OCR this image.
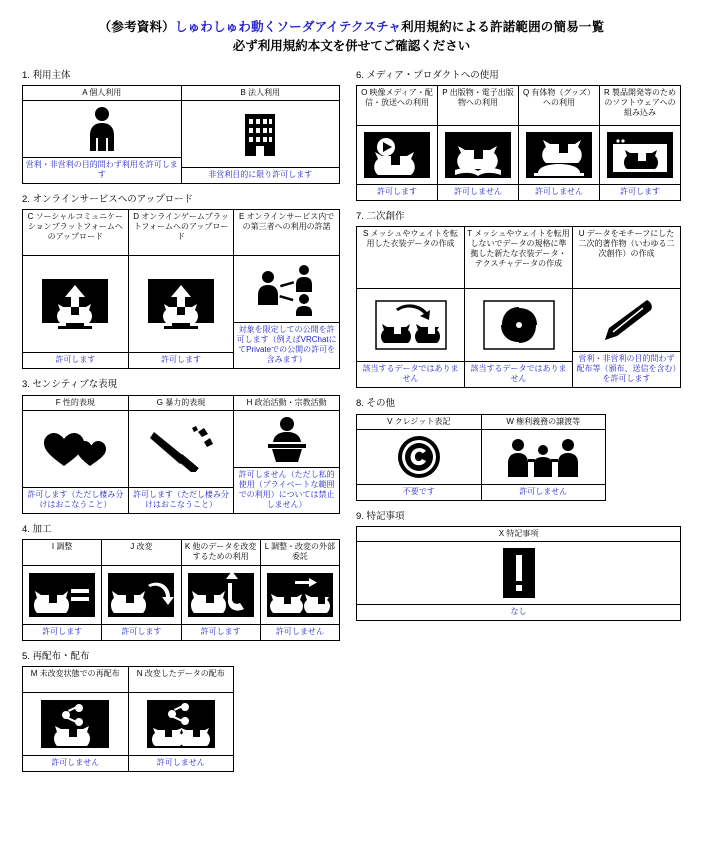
（参考資料）しゅわしゅわ動くソーダアイテクスチャ利用規約による許諾範囲の簡易一覧
必ず利用規約本文を併せてご確認ください
1. 利用主体
A 個人利用
営利・非営利の目的問わず利用を許可します
B 法人利用
非営利目的に限り許可します
2. オンラインサービスへのアップロード
C ソーシャルコミュニケーションプラットフォームへのアップロード
許可します
D オンラインゲームプラットフォームへのアップロード
許可します
E オンラインサービス内での第三者への利用の許諾
対象を限定しての公開を許可します（例えばVRChatにてPrivateでの公開の許可を含みます）
3. センシティブな表現
F 性的表現
許可します（ただし棲み分けはおこなうこと）
G 暴力的表現
許可します（ただし棲み分けはおこなうこと）
H 政治活動・宗教活動
許可しません（ただし私的使用（プライベートな範囲での利用）については禁止しません）
4. 加工
I 調整
許可します
J 改変
許可します
K 他のデータを改変するための利用
許可します
L 調整・改変の外部委託
許可しません
5. 再配布・配布
M 未改変状態での再配布
許可しません
N 改変したデータの配布
許可しません
6. メディア・プロダクトへの使用
O 映像メディア・配信・放送への利用
許可します
P 出版物・電子出版物への利用
許可しません
Q 有体物（グッズ）への利用
許可しません
R 製品開発等のためのソフトウェアへの組み込み
許可します
7. 二次創作
S メッシュやウェイトを転用した衣装データの作成
該当するデータではありません
T メッシュやウェイトを転用しないでデータの規格に準拠した新たな衣装データ・テクスチャデータの作成
該当するデータではありません
U データをモチーフにした二次的著作物（いわゆる二次創作）の作成
営利・非営利の目的問わず配布等（頒布、送信を含む）を許可します
8. その他
V クレジット表記
不要です
W 権利義務の譲渡等
許可しません
9. 特記事項
X 特記事項
なし
